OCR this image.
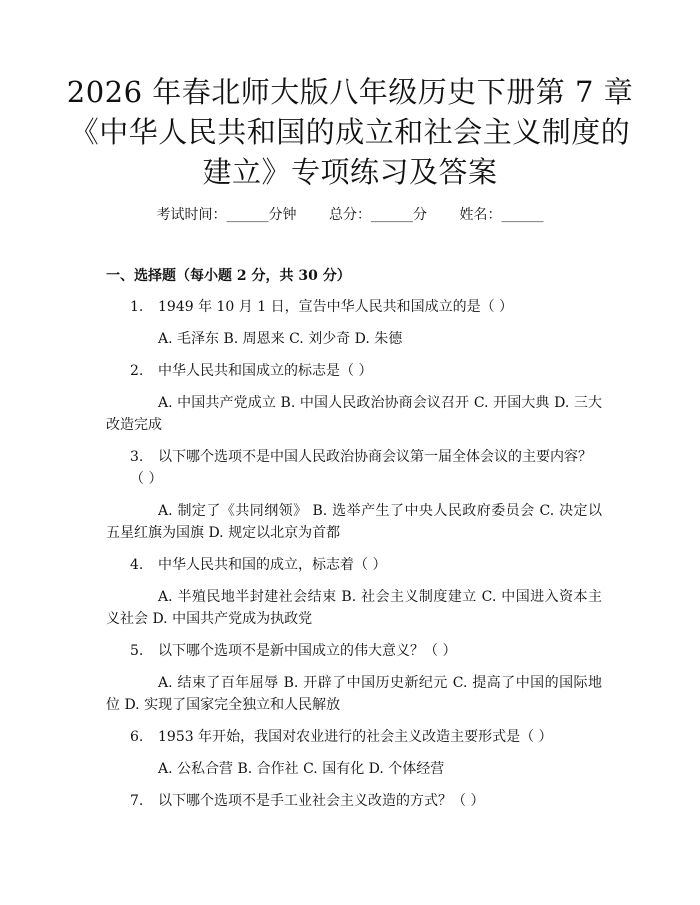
2026 年春北师大版八年级历史下册第 7 章
《中华人民共和国的成立和社会主义制度的
建立》专项练习及答案
考试时间：______分钟 总分：______分 姓名：______
一、选择题（每小题 2 分，共 30 分）
1. 1949 年 10 月 1 日，宣告中华人民共和国成立的是（ ）
A. 毛泽东 B. 周恩来 C. 刘少奇 D. 朱德
2. 中华人民共和国成立的标志是（ ）
A. 中国共产党成立 B. 中国人民政治协商会议召开 C. 开国大典 D. 三大改造完成
3. 以下哪个选项不是中国人民政治协商会议第一届全体会议的主要内容？（ ）
A. 制定了《共同纲领》 B. 选举产生了中央人民政府委员会 C. 决定以五星红旗为国旗 D. 规定以北京为首都
4. 中华人民共和国的成立，标志着（ ）
A. 半殖民地半封建社会结束 B. 社会主义制度建立 C. 中国进入资本主义社会 D. 中国共产党成为执政党
5. 以下哪个选项不是新中国成立的伟大意义？（ ）
A. 结束了百年屈辱 B. 开辟了中国历史新纪元 C. 提高了中国的国际地位 D. 实现了国家完全独立和人民解放
6. 1953 年开始，我国对农业进行的社会主义改造主要形式是（ ）
A. 公私合营 B. 合作社 C. 国有化 D. 个体经营
7. 以下哪个选项不是手工业社会主义改造的方式？（ ）
